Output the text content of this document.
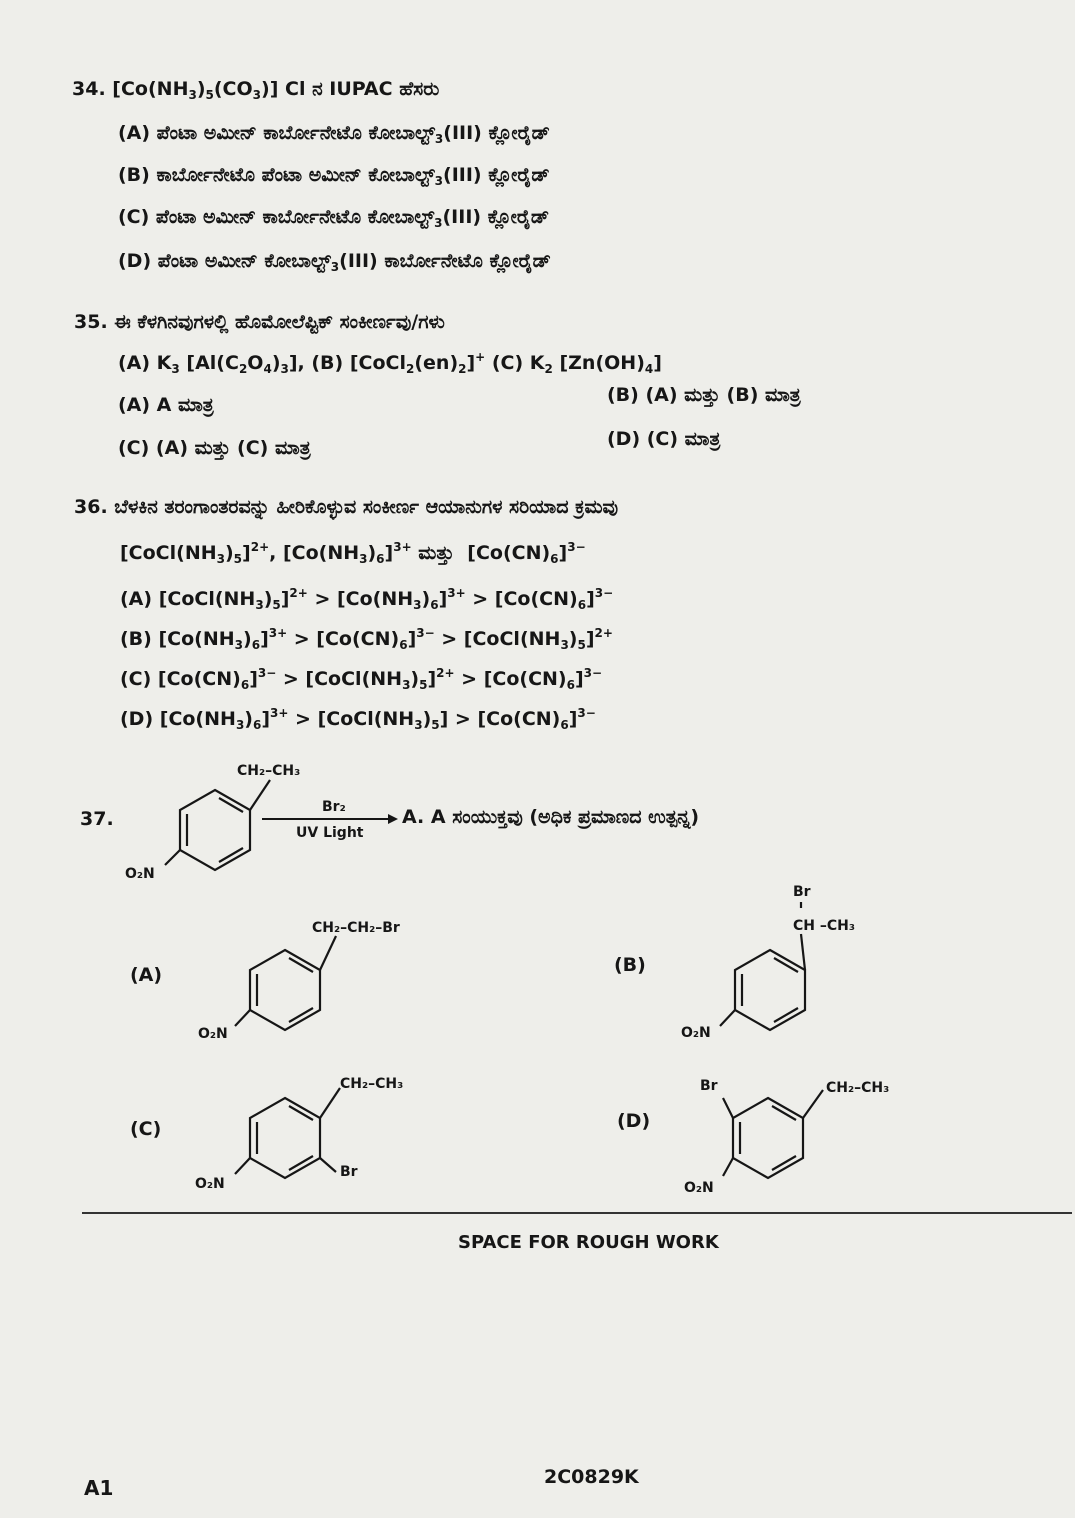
34. $[Co(NH_3)_5(CO_3)]$ Cl ನ IUPAC ಹೆಸರು
(A) ಪೆಂಟಾ ಅಮೀನ್ ಕಾರ್ಬೋನೇಟೊ $ಕೋಬಾಲ್ಟ್_3(III)$ ಕ್ಲೋರೈಡ್
(B) ಕಾರ್ಬೋನೇಟೊ ಪೆಂಟಾ ಅಮೀನ್ $ಕೋಬಾಲ್ಟ್_3(III)$ ಕ್ಲೋರೈಡ್
(C) ಪೆಂಟಾ ಅಮೀನ್ ಕಾರ್ಬೋನೇಟೊ $ಕೋಬಾಲ್ಟ್_3(III)$ ಕ್ಲೋರೈಡ್
(D) ಪೆಂಟಾ ಅಮೀನ್ $ಕೋಬಾಲ್ಟ್_3(III)$ ಕಾರ್ಬೋನೇಟೊ ಕ್ಲೋರೈಡ್
35. ಈ ಕೆಳಗಿನವುಗಳಲ್ಲಿ ಹೊಮೋಲೆಪ್ಟಿಕ್ ಸಂಕೀರ್ಣವು/ಗಳು
(A) $K_3$ $[Al(C_2O_4)_3]$, (B) $[CoCl_2(en)_2]^+$ (C) $K_2$ $[Zn(OH)_4]$
(A) A ಮಾತ್ರ	(B) (A) ಮತ್ತು (B) ಮಾತ್ರ
(C) (A) ಮತ್ತು (C) ಮಾತ್ರ	(D) (C) ಮಾತ್ರ
36. ಬೆಳಕಿನ ತರಂಗಾಂತರವನ್ನು ಹೀರಿಕೊಳ್ಳುವ ಸಂಕೀರ್ಣ ಆಯಾನುಗಳ ಸರಿಯಾದ ಕ್ರಮವು
$[CoCl(NH_3)_5]^{2+}$, $[Co(NH_3)_6]^{3+}$ ಮತ್ತು  $[Co(CN)_6]^{3-}$
(A) $[CoCl(NH_3)_5]^{2+} > [Co(NH_3)_6]^{3+} > [Co(CN)_6]^{3-}$
(B) $[Co(NH_3)_6]^{3+} > [Co(CN)_6]^{3-}$ > $[CoCl(NH_3)_5]^{2+}$
(C) $[Co(CN)_6]^{3-}$ > $[CoCl(NH_3)_5]^{2+} > [Co(CN)_6]^{3-}$
(D) $[Co(NH_3)_6]^{3+}$ > $[CoCl(NH_3)_5] > [Co(CN)_6]^{3-}$
37.
CH₂–CH₃
O₂N
Br₂
UV Light
A. A ಸಂಯುಕ್ತವು (ಅಧಿಕ ಪ್ರಮಾಣದ ಉತ್ಪನ್ನ)
(A)
CH₂–CH₂–Br
O₂N
(B)
Br
CH –CH₃
O₂N
(C)
CH₂–CH₃
O₂N
Br
(D)
Br	CH₂–CH₃
O₂N
SPACE FOR ROUGH WORK
2C0829K
A1
